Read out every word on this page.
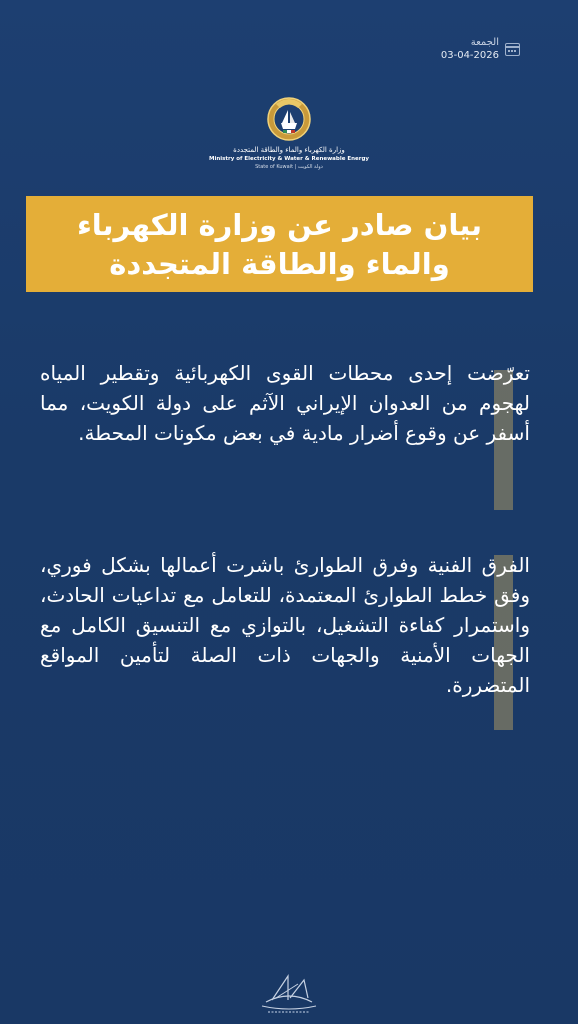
الجمعة
03-04-2026
وزارة الكهرباء والماء والطاقة المتجددة
Ministry of Electricity & Water & Renewable Energy
State of Kuwait | دولة الكويت
بيان صادر عن وزارة الكهرباء
والماء والطاقة المتجددة
تعرّضت إحدى محطات القوى الكهربائية وتقطير المياه لهجوم من العدوان الإيراني الآثم على دولة الكويت، مما أسفر عن وقوع أضرار مادية في بعض مكونات المحطة.
الفرق الفنية وفرق الطوارئ باشرت أعمالها بشكل فوري، وفق خطط الطوارئ المعتمدة، للتعامل مع تداعيات الحادث، واستمرار كفاءة التشغيل، بالتوازي مع التنسيق الكامل مع الجهات الأمنية والجهات ذات الصلة لتأمين المواقع المتضررة.
